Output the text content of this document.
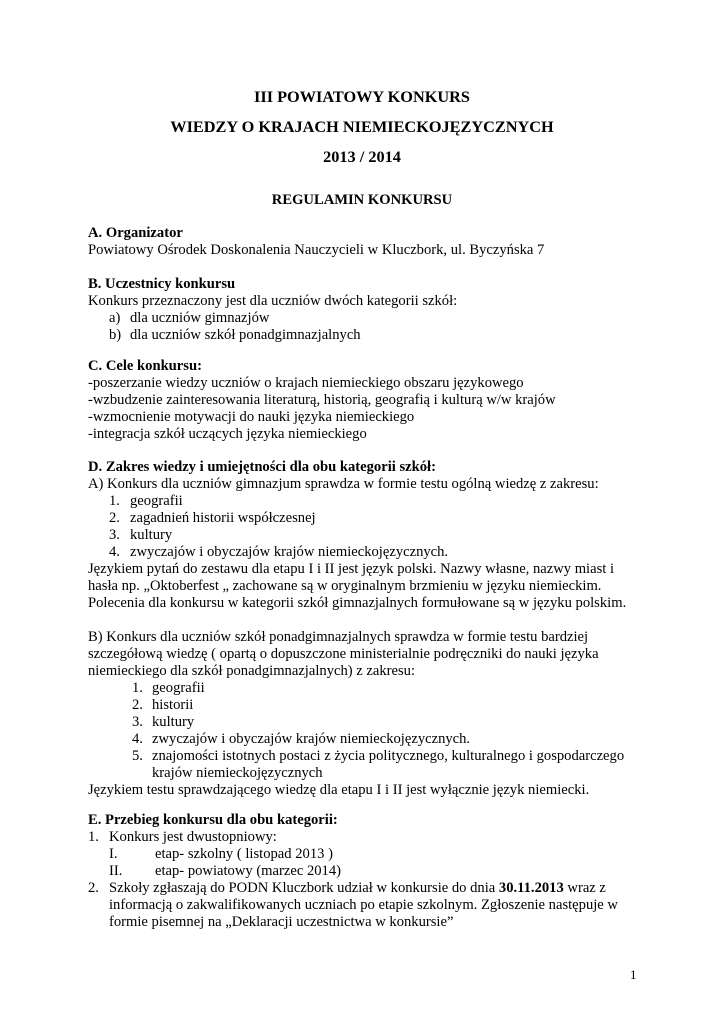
III POWIATOWY KONKURS
WIEDZY O KRAJACH NIEMIECKOJĘZYCZNYCH
2013 / 2014
REGULAMIN KONKURSU

A. Organizator

Powiatowy Ośrodek Doskonalenia Nauczycieli w Kluczbork, ul. Byczyńska 7

B. Uczestnicy konkursu

Konkurs przeznaczony jest dla uczniów dwóch kategorii szkół:

a) dla uczniów gimnazjów
b) dla uczniów szkół ponadgimnazjalnych

C. Cele konkursu:

-poszerzanie wiedzy uczniów o krajach niemieckiego obszaru językowego

-wzbudzenie zainteresowania literaturą, historią, geografią i kulturą w/w krajów

-wzmocnienie motywacji do nauki języka niemieckiego

-integracja szkół uczących języka niemieckiego

D. Zakres wiedzy i umiejętności dla obu kategorii szkół:

A) Konkurs dla uczniów gimnazjum sprawdza w formie testu ogólną wiedzę z zakresu:

1. geografii
2. zagadnień historii współczesnej
3. kultury
4. zwyczajów i obyczajów krajów niemieckojęzycznych.

Językiem pytań do zestawu dla etapu I i II jest język polski. Nazwy własne, nazwy miast i

hasła np. „Oktoberfest „ zachowane są w oryginalnym brzmieniu w języku niemieckim.

Polecenia dla konkursu w kategorii szkół gimnazjalnych formułowane są w języku polskim.

B) Konkurs dla uczniów szkół ponadgimnazjalnych sprawdza w formie testu bardziej

szczegółową wiedzę ( opartą o dopuszczone ministerialnie podręczniki do nauki języka

niemieckiego dla szkół ponadgimnazjalnych) z zakresu:

1. geografii
2. historii
3. kultury
4. zwyczajów i obyczajów krajów niemieckojęzycznych.
5. znajomości istotnych postaci z życia politycznego, kulturalnego i gospodarczego
krajów niemieckojęzycznych

Językiem testu sprawdzającego wiedzę dla etapu I i II jest wyłącznie język niemiecki.

E. Przebieg konkursu dla obu kategorii:

1. Konkurs jest dwustopniowy:
I.	etap- szkolny ( listopad 2013 )
II. etap- powiatowy (marzec 2014)
2. Szkoły zgłaszają do PODN Kluczbork udział w konkursie do dnia 30.11.2013 wraz z
informacją o zakwalifikowanych uczniach po etapie szkolnym. Zgłoszenie następuje w
formie pisemnej na „Deklaracji uczestnictwa w konkursie”
1
